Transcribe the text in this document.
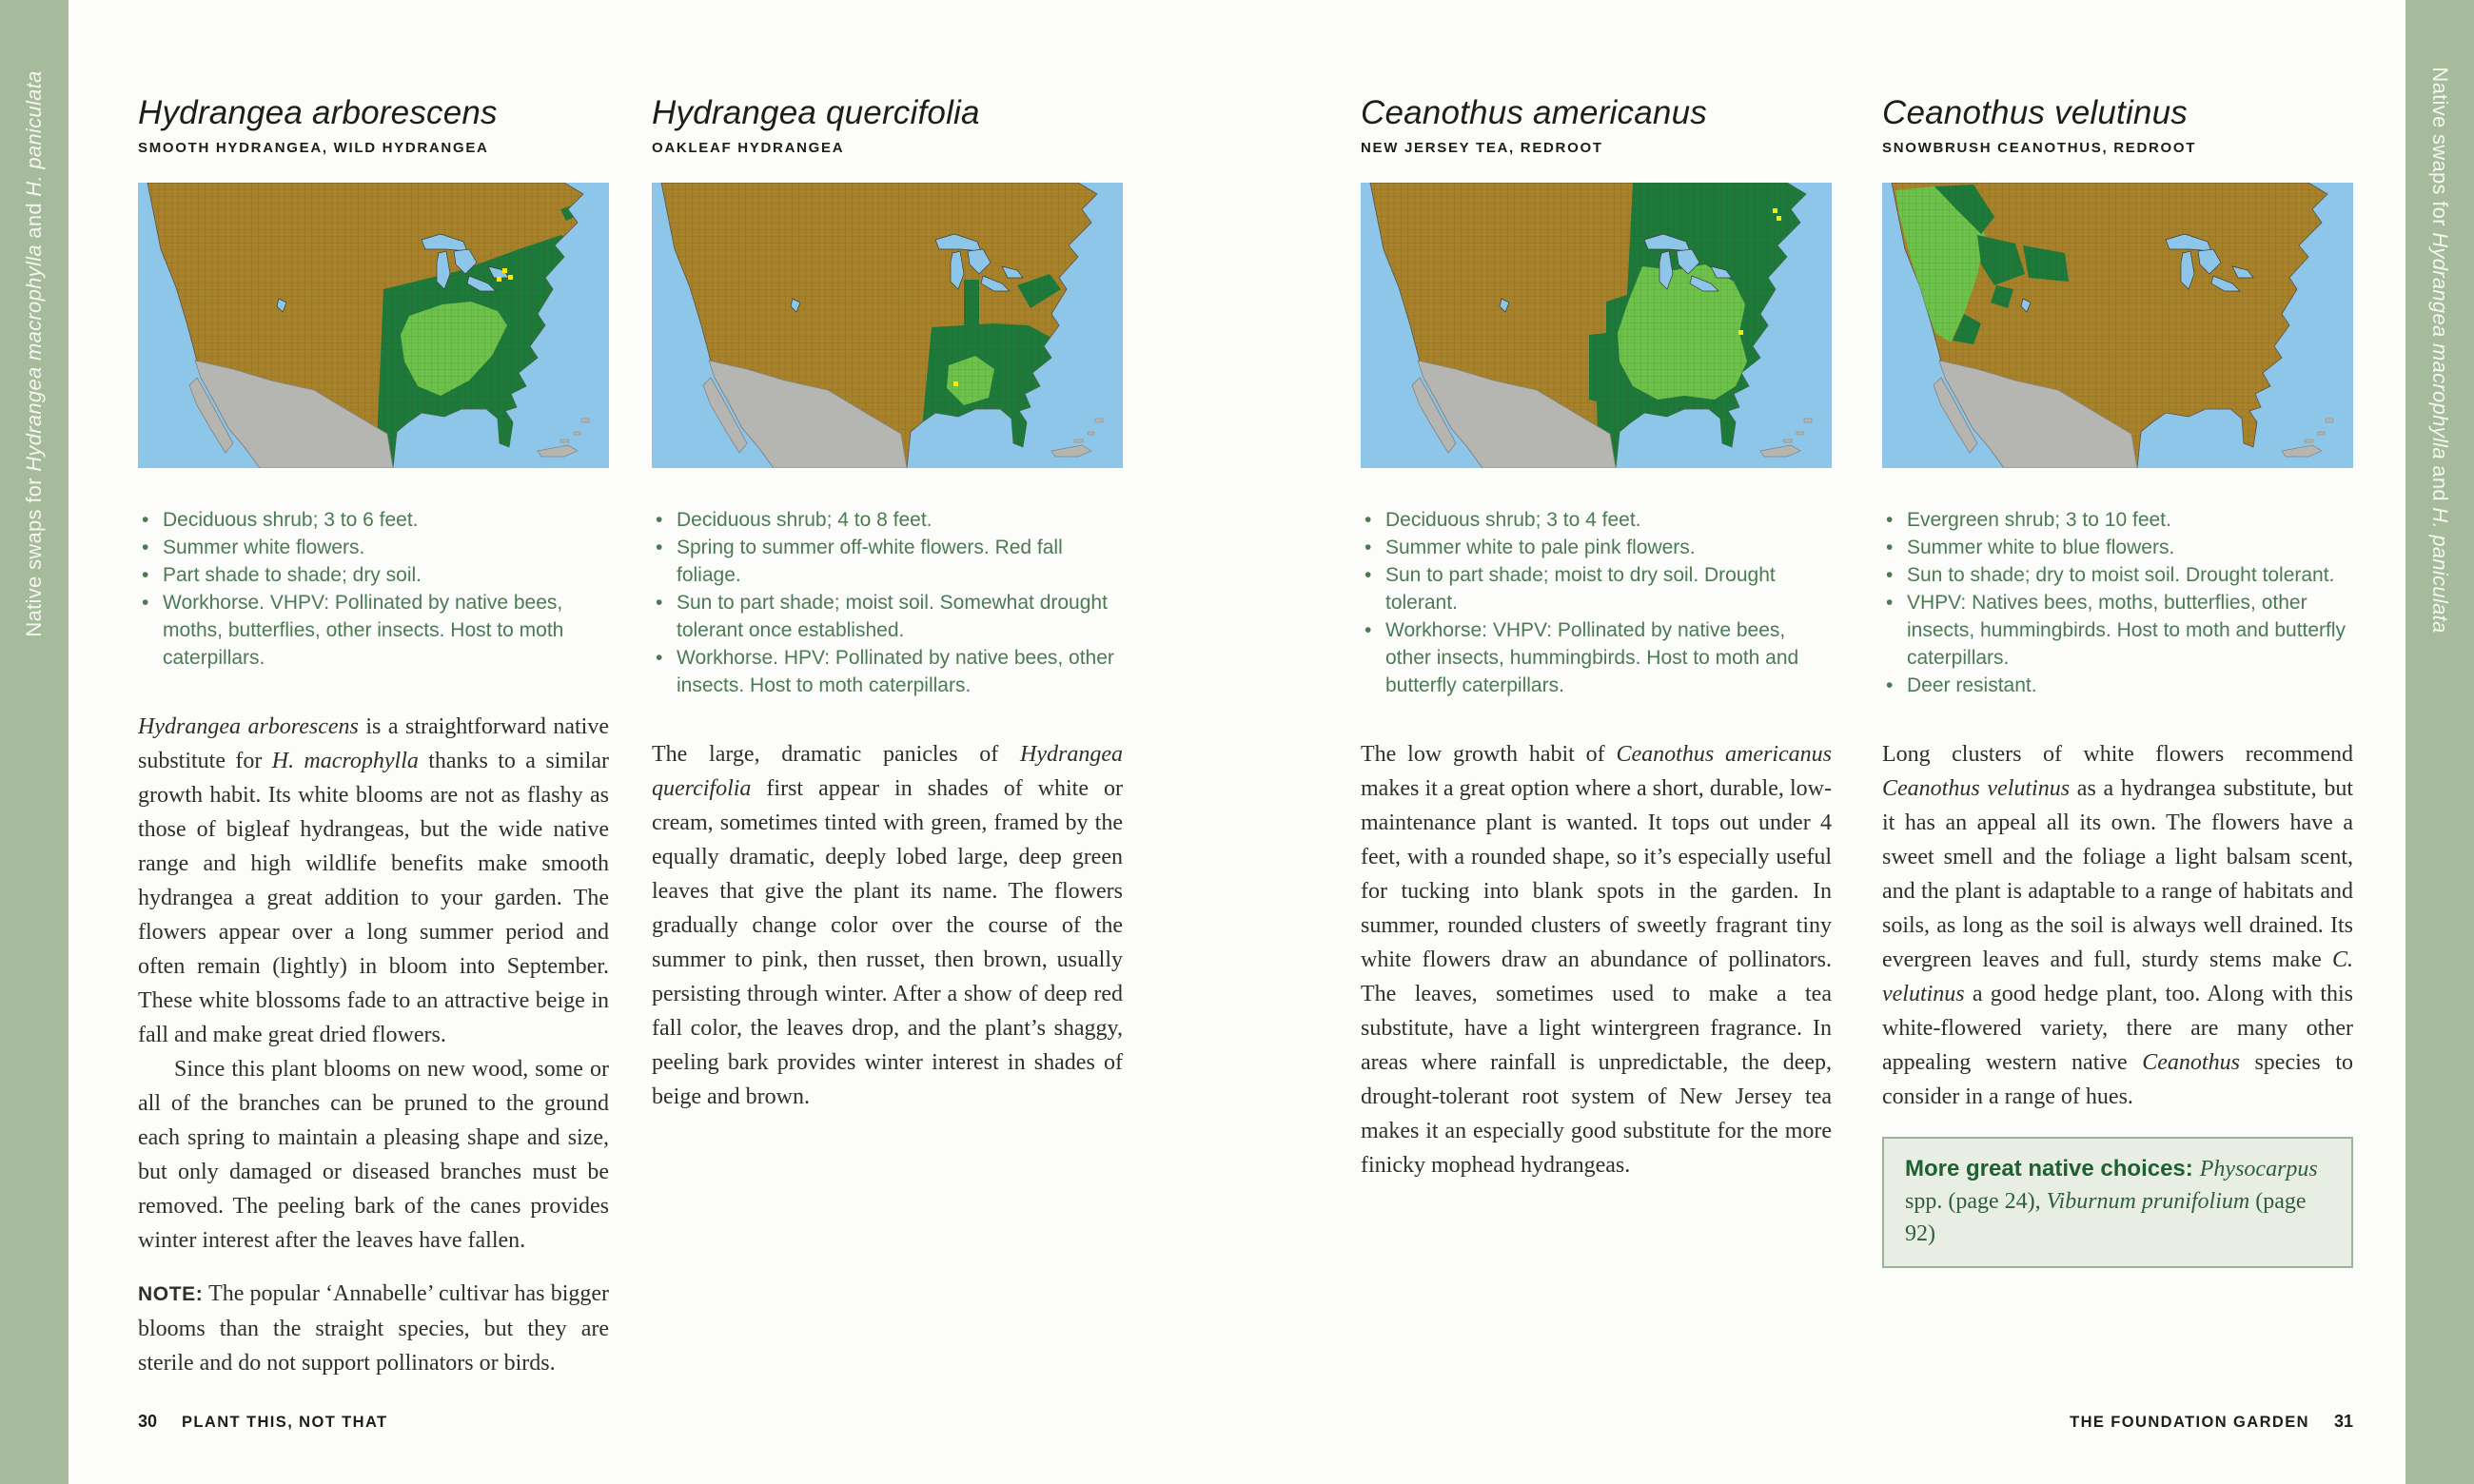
Native swaps for Hydrangea macrophylla and H. paniculata	Native swaps for Hydrangea macrophylla and H. paniculata
Hydrangea arborescens
SMOOTH HYDRANGEA, WILD HYDRANGEA
• Deciduous shrub; 3 to 6 feet.
• Summer white flowers.
• Part shade to shade; dry soil.
• Workhorse. VHPV: Pollinated by native bees, moths, butterflies, other insects. Host to moth caterpillars.

Hydrangea arborescens is a straightforward native substitute for H. macrophylla thanks to a similar growth habit. Its white blooms are not as flashy as those of bigleaf hydrangeas, but the wide native range and high wildlife benefits make smooth hydrangea a great addition to your garden. The flowers appear over a long summer period and often remain (lightly) in bloom into September. These white blossoms fade to an attractive beige in fall and make great dried flowers.

Since this plant blooms on new wood, some or all of the branches can be pruned to the ground each spring to maintain a pleasing shape and size, but only damaged or diseased branches must be removed. The peeling bark of the canes provides winter interest after the leaves have fallen.

NOTE: The popular ‘Annabelle’ cultivar has bigger blooms than the straight species, but they are sterile and do not support pollinators or birds.

Hydrangea quercifolia
OAKLEAF HYDRANGEA
• Deciduous shrub; 4 to 8 feet.
• Spring to summer off-white flowers. Red fall foliage.
• Sun to part shade; moist soil. Somewhat drought tolerant once established.
• Workhorse. HPV: Pollinated by native bees, other insects. Host to moth caterpillars.

The large, dramatic panicles of Hydrangea quercifolia first appear in shades of white or cream, sometimes tinted with green, framed by the equally dramatic, deeply lobed large, deep green leaves that give the plant its name. The flowers gradually change color over the course of the summer to pink, then russet, then brown, usually persisting through winter. After a show of deep red fall color, the leaves drop, and the plant’s shaggy, peeling bark provides winter interest in shades of beige and brown.

Ceanothus americanus
NEW JERSEY TEA, REDROOT
• Deciduous shrub; 3 to 4 feet.
• Summer white to pale pink flowers.
• Sun to part shade; moist to dry soil. Drought tolerant.
• Workhorse: VHPV: Pollinated by native bees, other insects, hummingbirds. Host to moth and butterfly caterpillars.

The low growth habit of Ceanothus americanus makes it a great option where a short, durable, low-maintenance plant is wanted. It tops out under 4 feet, with a rounded shape, so it’s especially useful for tucking into blank spots in the garden. In summer, rounded clusters of sweetly fragrant tiny white flowers draw an abundance of pollinators. The leaves, sometimes used to make a tea substitute, have a light wintergreen fragrance. In areas where rainfall is unpredictable, the deep, drought-tolerant root system of New Jersey tea makes it an especially good substitute for the more finicky mophead hydrangeas.

Ceanothus velutinus
SNOWBRUSH CEANOTHUS, REDROOT
• Evergreen shrub; 3 to 10 feet.
• Summer white to blue flowers.
• Sun to shade; dry to moist soil. Drought tolerant.
• VHPV: Natives bees, moths, butterflies, other insects, hummingbirds. Host to moth and butterfly caterpillars.
• Deer resistant.

Long clusters of white flowers recommend Ceanothus velutinus as a hydrangea substitute, but it has an appeal all its own. The flowers have a sweet smell and the foliage a light balsam scent, and the plant is adaptable to a range of habitats and soils, as long as the soil is always well drained. Its evergreen leaves and full, sturdy stems make C. velutinus a good hedge plant, too. Along with this white-flowered variety, there are many other appealing western native Ceanothus species to consider in a range of hues.

More great native choices: Physocarpus spp. (page 24), Viburnum prunifolium (page 92)
30 PLANT THIS, NOT THAT	THE FOUNDATION GARDEN 31
